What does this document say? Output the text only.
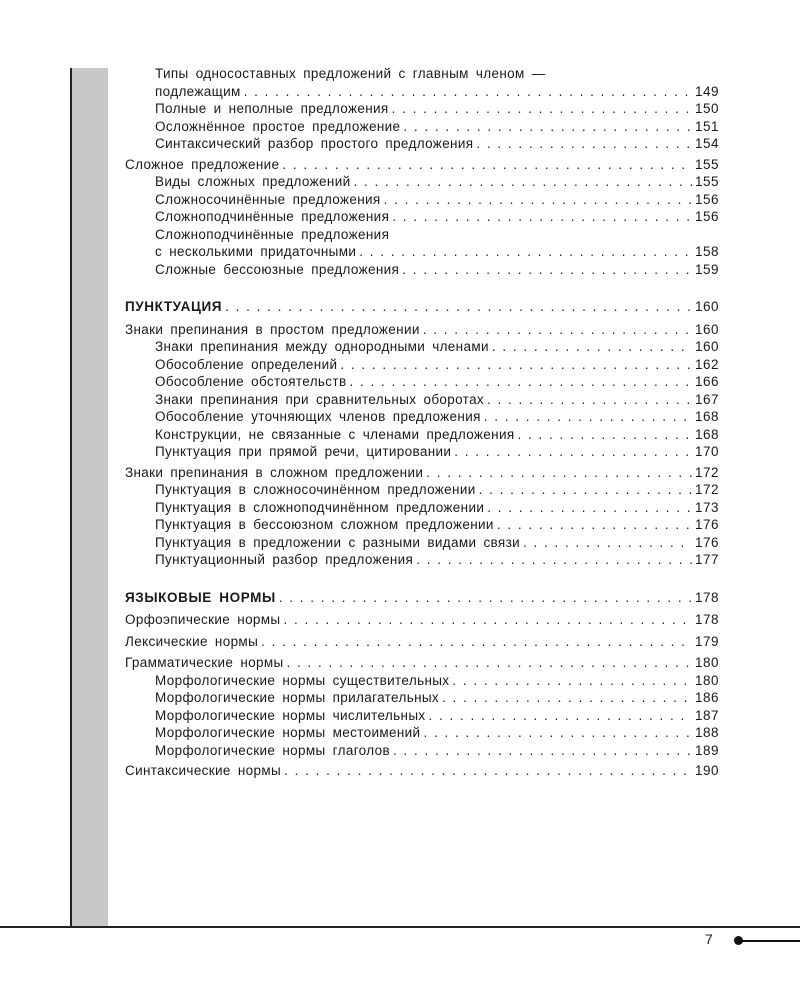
Типы односоставных предложений с главным членом —
подлежащим . . .	149
Полные и неполные предложения . . .	150
Осложнённое простое предложение . . .	151
Синтаксический разбор простого предложения . . .	154
Сложное предложение . . .	155
Виды сложных предложений . . .	155
Сложносочинённые предложения . . .	156
Сложноподчинённые предложения . . .	156
Сложноподчинённые предложения
с несколькими придаточными . . .	158
Сложные бессоюзные предложения . . .	159
ПУНКТУАЦИЯ . . .	160
Знаки препинания в простом предложении . . .	160
Знаки препинания между однородными членами . . .	160
Обособление определений . . .	162
Обособление обстоятельств . . .	166
Знаки препинания при сравнительных оборотах . . .	167
Обособление уточняющих членов предложения . . .	168
Конструкции, не связанные с членами предложения . . .	168
Пунктуация при прямой речи, цитировании . . .	170
Знаки препинания в сложном предложении . . .	172
Пунктуация в сложносочинённом предложении . . .	172
Пунктуация в сложноподчинённом предложении . . .	173
Пунктуация в бессоюзном сложном предложении . . .	176
Пунктуация в предложении с разными видами связи . . .	176
Пунктуационный разбор предложения . . .	177
ЯЗЫКОВЫЕ НОРМЫ . . .	178
Орфоэпические нормы . . .	178
Лексические нормы . . .	179
Грамматические нормы . . .	180
Морфологические нормы существительных . . .	180
Морфологические нормы прилагательных . . .	186
Морфологические нормы числительных . . .	187
Морфологические нормы местоимений . . .	188
Морфологические нормы глаголов . . .	189
Синтаксические нормы . . .	190
7
